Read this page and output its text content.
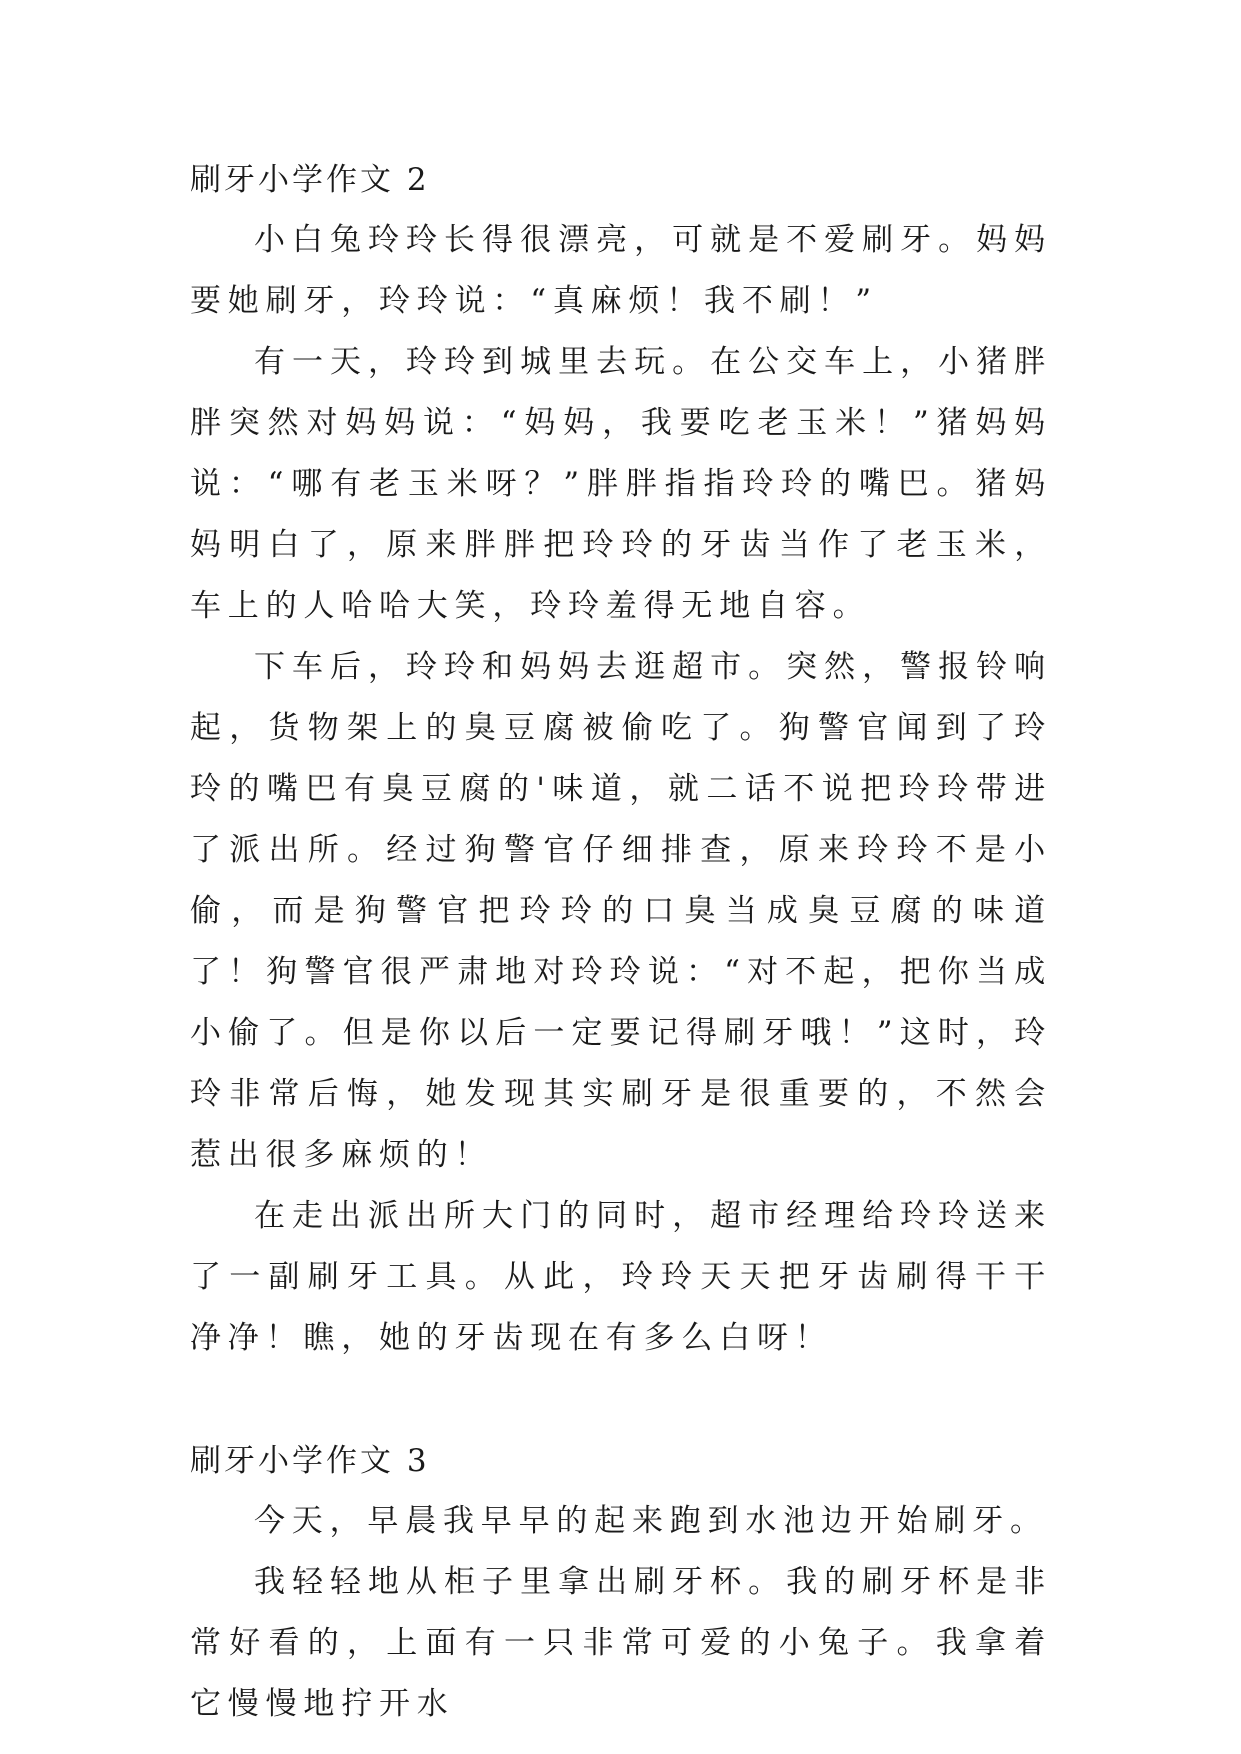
刷牙小学作文 2

小白兔玲玲长得很漂亮，可就是不爱刷牙。妈妈要她刷牙，玲玲说：“真麻烦！我不刷！”

有一天，玲玲到城里去玩。在公交车上，小猪胖胖突然对妈妈说：“妈妈，我要吃老玉米！”猪妈妈说：“哪有老玉米呀？”胖胖指指玲玲的嘴巴。猪妈妈明白了，原来胖胖把玲玲的牙齿当作了老玉米，车上的人哈哈大笑，玲玲羞得无地自容。

下车后，玲玲和妈妈去逛超市。突然，警报铃响起，货物架上的臭豆腐被偷吃了。狗警官闻到了玲玲的嘴巴有臭豆腐的'味道，就二话不说把玲玲带进了派出所。经过狗警官仔细排查，原来玲玲不是小偷，而是狗警官把玲玲的口臭当成臭豆腐的味道了！狗警官很严肃地对玲玲说：“对不起，把你当成小偷了。但是你以后一定要记得刷牙哦！”这时，玲玲非常后悔，她发现其实刷牙是很重要的，不然会惹出很多麻烦的！

在走出派出所大门的同时，超市经理给玲玲送来了一副刷牙工具。从此，玲玲天天把牙齿刷得干干净净！瞧，她的牙齿现在有多么白呀！

刷牙小学作文 3

今天，早晨我早早的起来跑到水池边开始刷牙。

我轻轻地从柜子里拿出刷牙杯。我的刷牙杯是非常好看的，上面有一只非常可爱的小兔子。我拿着它慢慢地拧开水
